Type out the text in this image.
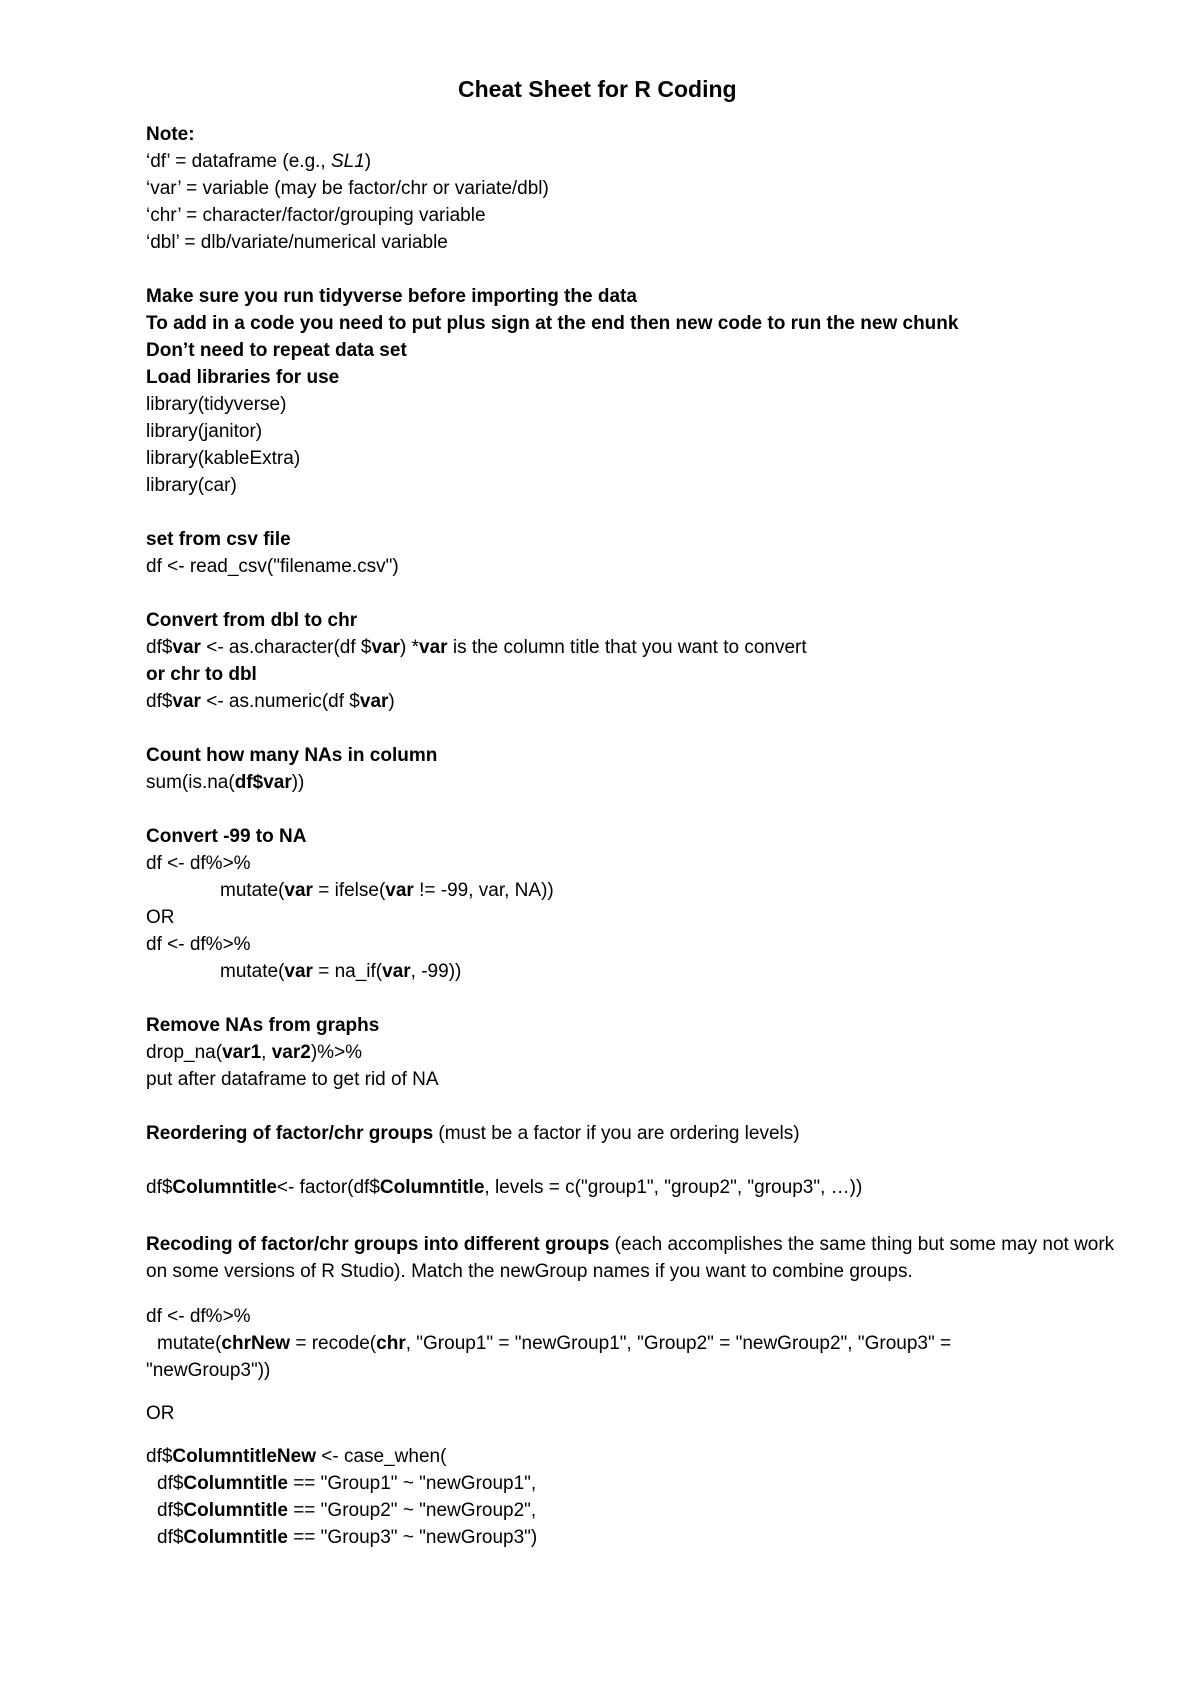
Cheat Sheet for R Coding
Note:
‘df’ = dataframe (e.g., SL1)
‘var’ = variable (may be factor/chr or variate/dbl)
‘chr’ = character/factor/grouping variable
‘dbl’ = dlb/variate/numerical variable
Make sure you run tidyverse before importing the data
To add in a code you need to put plus sign at the end then new code to run the new chunk
Don’t need to repeat data set
Load libraries for use
library(tidyverse)
library(janitor)
library(kableExtra)
library(car)
set from csv file
df <- read_csv("filename.csv")
Convert from dbl to chr
df$var <- as.character(df $var) *var is the column title that you want to convert
or chr to dbl
df$var <- as.numeric(df $var)
Count how many NAs in column
sum(is.na(df$var))
Convert -99 to NA
df <- df%>%
mutate(var = ifelse(var != -99, var, NA))
OR
df <- df%>%
mutate(var = na_if(var, -99))
Remove NAs from graphs
drop_na(var1, var2)%>%
put after dataframe to get rid of NA
Reordering of factor/chr groups (must be a factor if you are ordering levels)
df$Columntitle<- factor(df$Columntitle, levels = c("group1", "group2", "group3", …))
Recoding of factor/chr groups into different groups (each accomplishes the same thing but some may not work on some versions of R Studio). Match the newGroup names if you want to combine groups.
df <- df%>%
mutate(chrNew = recode(chr, "Group1" = "newGroup1", "Group2" = "newGroup2", "Group3" =
"newGroup3"))
OR
df$ColumntitleNew <- case_when(
df$Columntitle == "Group1" ~ "newGroup1",
df$Columntitle == "Group2" ~ "newGroup2",
df$Columntitle == "Group3" ~ "newGroup3")
